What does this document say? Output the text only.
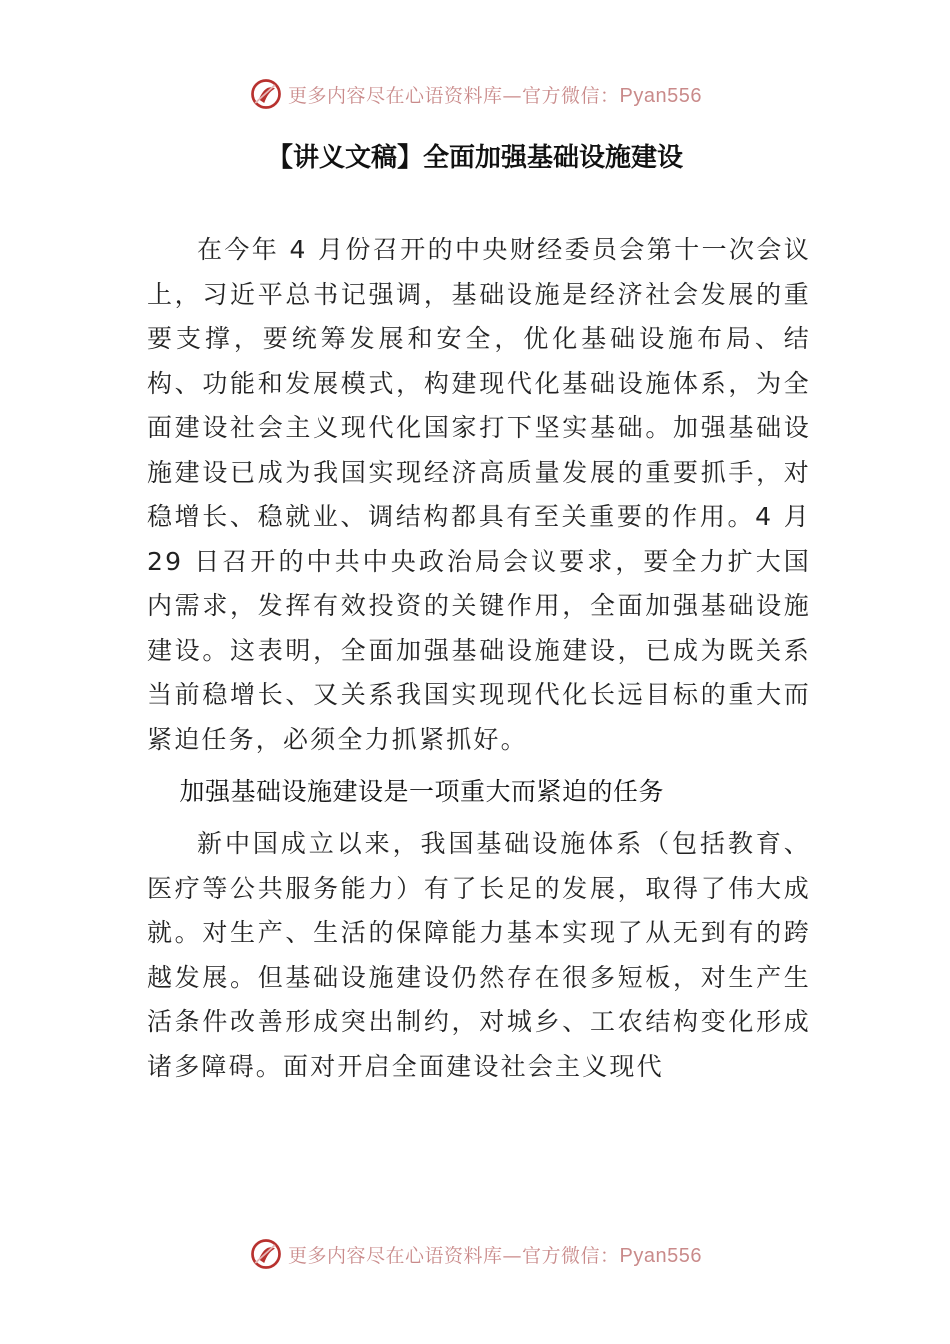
更多内容尽在心语资料库—官方微信：Pyan556
【讲义文稿】全面加强基础设施建设

在今年 4 月份召开的中央财经委员会第十一次会议上，习近平总书记强调，基础设施是经济社会发展的重要支撑，要统筹发展和安全，优化基础设施布局、结构、功能和发展模式，构建现代化基础设施体系，为全面建设社会主义现代化国家打下坚实基础。加强基础设施建设已成为我国实现经济高质量发展的重要抓手，对稳增长、稳就业、调结构都具有至关重要的作用。4 月 29 日召开的中共中央政治局会议要求，要全力扩大国内需求，发挥有效投资的关键作用，全面加强基础设施建设。这表明，全面加强基础设施建设，已成为既关系当前稳增长、又关系我国实现现代化长远目标的重大而紧迫任务，必须全力抓紧抓好。

加强基础设施建设是一项重大而紧迫的任务

新中国成立以来，我国基础设施体系（包括教育、医疗等公共服务能力）有了长足的发展，取得了伟大成就。对生产、生活的保障能力基本实现了从无到有的跨越发展。但基础设施建设仍然存在很多短板，对生产生活条件改善形成突出制约，对城乡、工农结构变化形成诸多障碍。面对开启全面建设社会主义现代

更多内容尽在心语资料库—官方微信：Pyan556
